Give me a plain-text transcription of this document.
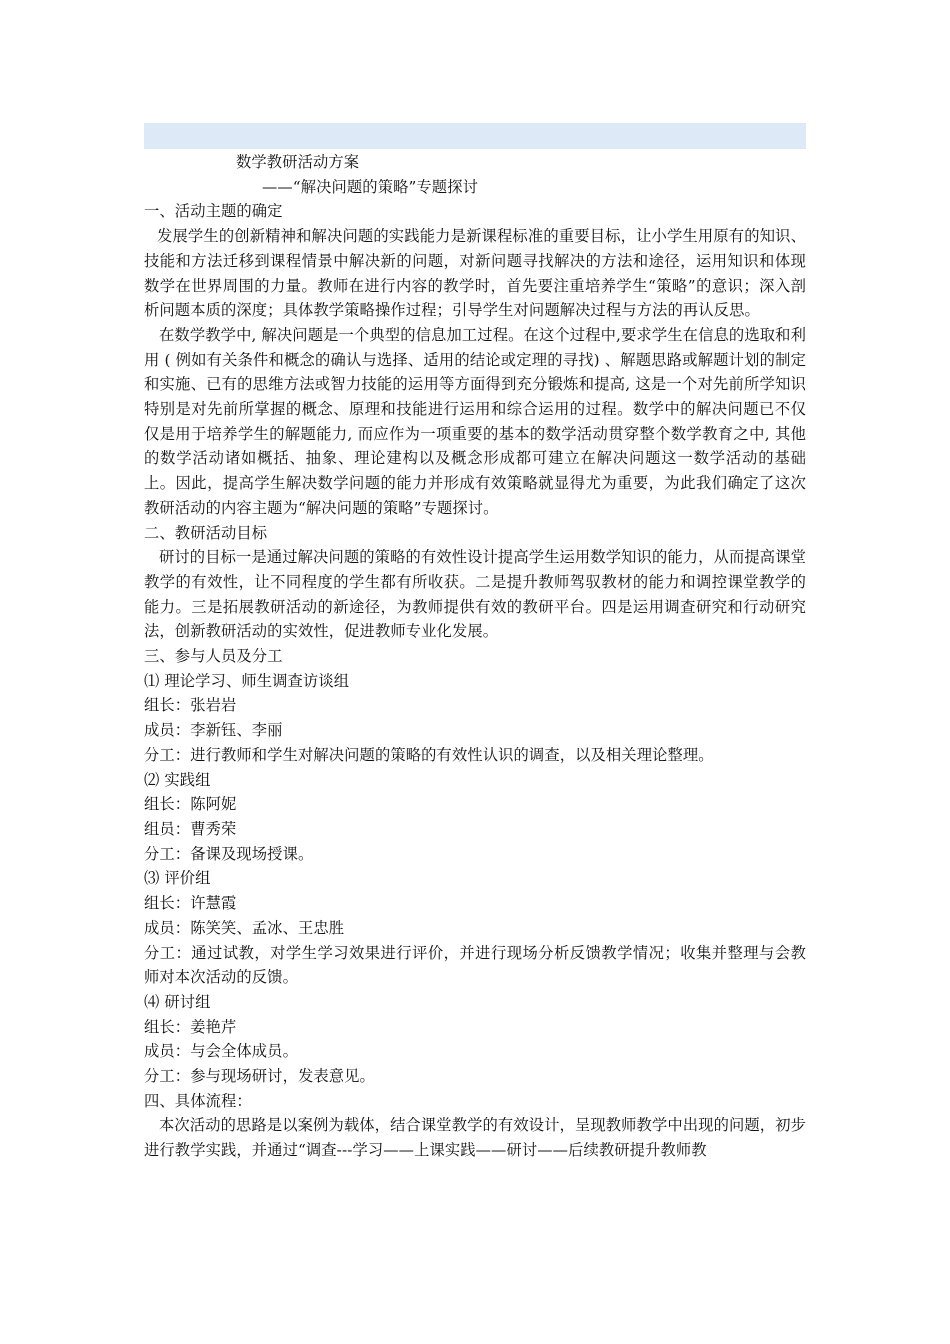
数学教研活动方案

——“解决问题的策略”专题探讨

一、活动主题的确定

发展学生的创新精神和解决问题的实践能力是新课程标准的重要目标，让小学生用原有的知识、技能和方法迁移到课程情景中解决新的问题，对新问题寻找解决的方法和途径，运用知识和体现数学在世界周围的力量。教师在进行内容的教学时，首先要注重培养学生“策略”的意识；深入剖析问题本质的深度；具体教学策略操作过程；引导学生对问题解决过程与方法的再认反思。

在数学教学中, 解决问题是一个典型的信息加工过程。在这个过程中,要求学生在信息的选取和利用 ( 例如有关条件和概念的确认与选择、适用的结论或定理的寻找) 、解题思路或解题计划的制定和实施、已有的思维方法或智力技能的运用等方面得到充分锻炼和提高, 这是一个对先前所学知识特别是对先前所掌握的概念、原理和技能进行运用和综合运用的过程。数学中的解决问题已不仅仅是用于培养学生的解题能力, 而应作为一项重要的基本的数学活动贯穿整个数学教育之中, 其他的数学活动诸如概括、抽象、理论建构以及概念形成都可建立在解决问题这一数学活动的基础上。因此，提高学生解决数学问题的能力并形成有效策略就显得尤为重要，为此我们确定了这次教研活动的内容主题为“解决问题的策略”专题探讨。

二、教研活动目标

研讨的目标一是通过解决问题的策略的有效性设计提高学生运用数学知识的能力，从而提高课堂教学的有效性，让不同程度的学生都有所收获。二是提升教师驾驭教材的能力和调控课堂教学的能力。三是拓展教研活动的新途径，为教师提供有效的教研平台。四是运用调查研究和行动研究法，创新教研活动的实效性，促进教师专业化发展。

三、参与人员及分工

⑴ 理论学习、师生调查访谈组

组长：张岩岩

成员：李新钰、李丽

分工：进行教师和学生对解决问题的策略的有效性认识的调查，以及相关理论整理。

⑵ 实践组

组长：陈阿妮

组员：曹秀荣

分工：备课及现场授课。

⑶ 评价组

组长：许慧霞

成员：陈笑笑、孟冰、王忠胜

分工：通过试教，对学生学习效果进行评价，并进行现场分析反馈教学情况；收集并整理与会教师对本次活动的反馈。

⑷ 研讨组

组长：姜艳芹

成员：与会全体成员。

分工：参与现场研讨，发表意见。

四、具体流程：

本次活动的思路是以案例为载体，结合课堂教学的有效设计，呈现教师教学中出现的问题，初步进行教学实践，并通过“调查---学习——上课实践——研讨——后续教研提升教师教
